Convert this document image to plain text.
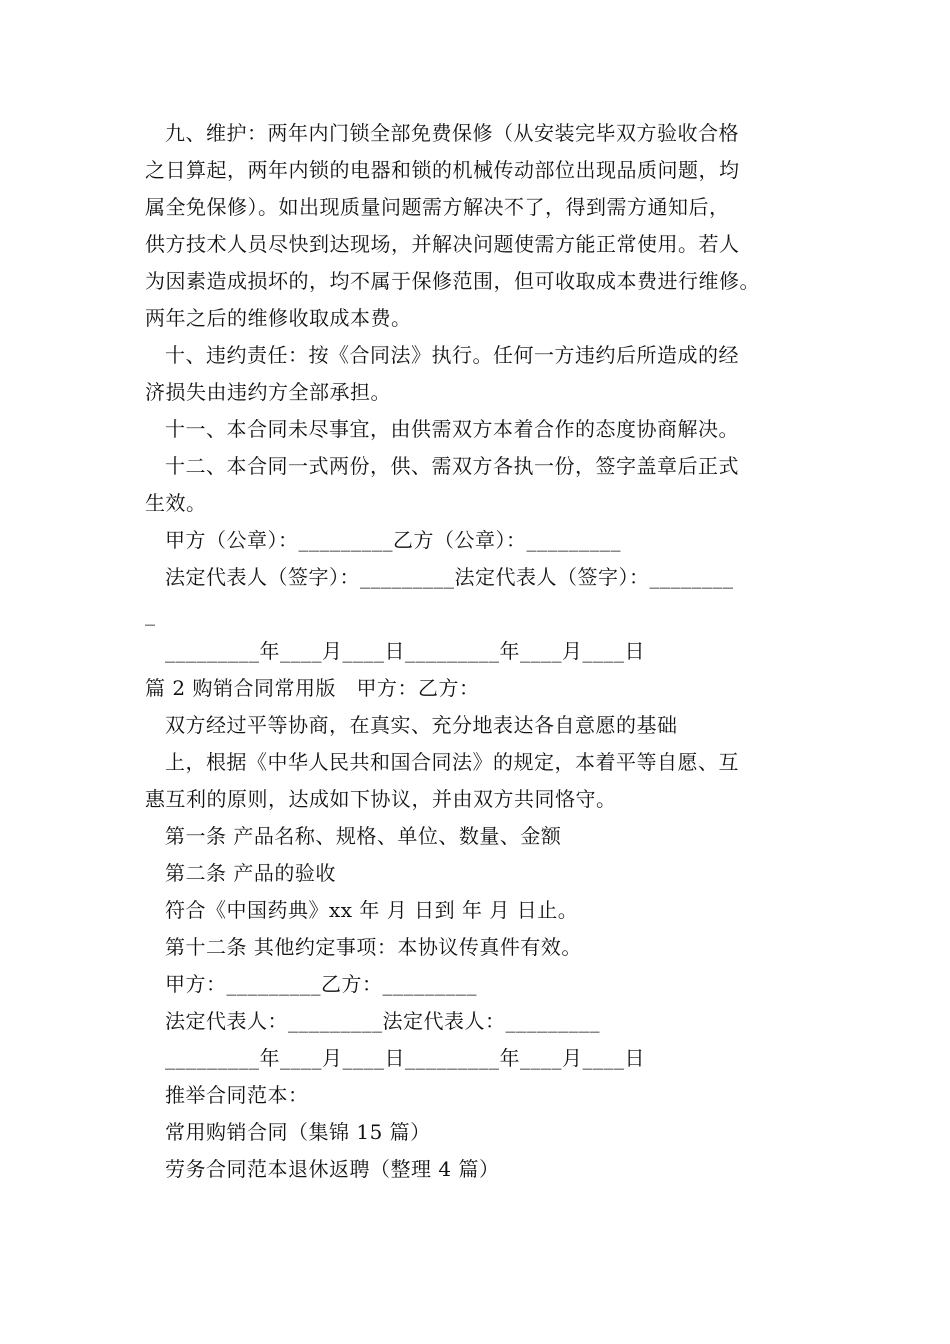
九、维护：两年内门锁全部免费保修（从安装完毕双方验收合格
之日算起，两年内锁的电器和锁的机械传动部位出现品质问题，均
属全免保修）。如出现质量问题需方解决不了，得到需方通知后，
供方技术人员尽快到达现场，并解决问题使需方能正常使用。若人
为因素造成损坏的，均不属于保修范围，但可收取成本费进行维修。
两年之后的维修收取成本费。
十、违约责任：按《合同法》执行。任何一方违约后所造成的经
济损失由违约方全部承担。
十一、本合同未尽事宜，由供需双方本着合作的态度协商解决。
十二、本合同一式两份，供、需双方各执一份，签字盖章后正式
生效。
甲方（公章）：_________乙方（公章）：_________
法定代表人（签字）：_________法定代表人（签字）：________
_
_________年____月____日_________年____月____日
篇 2 购销合同常用版　甲方：乙方：
双方经过平等协商，在真实、充分地表达各自意愿的基础
上，根据《中华人民共和国合同法》的规定，本着平等自愿、互
惠互利的原则，达成如下协议，并由双方共同恪守。
第一条 产品名称、规格、单位、数量、金额
第二条 产品的验收
符合《中国药典》xx 年 月 日到 年 月 日止。
第十二条 其他约定事项：本协议传真件有效。
甲方：_________乙方：_________
法定代表人：_________法定代表人：_________
_________年____月____日_________年____月____日
推举合同范本：
常用购销合同（集锦 15 篇）
劳务合同范本退休返聘（整理 4 篇）
